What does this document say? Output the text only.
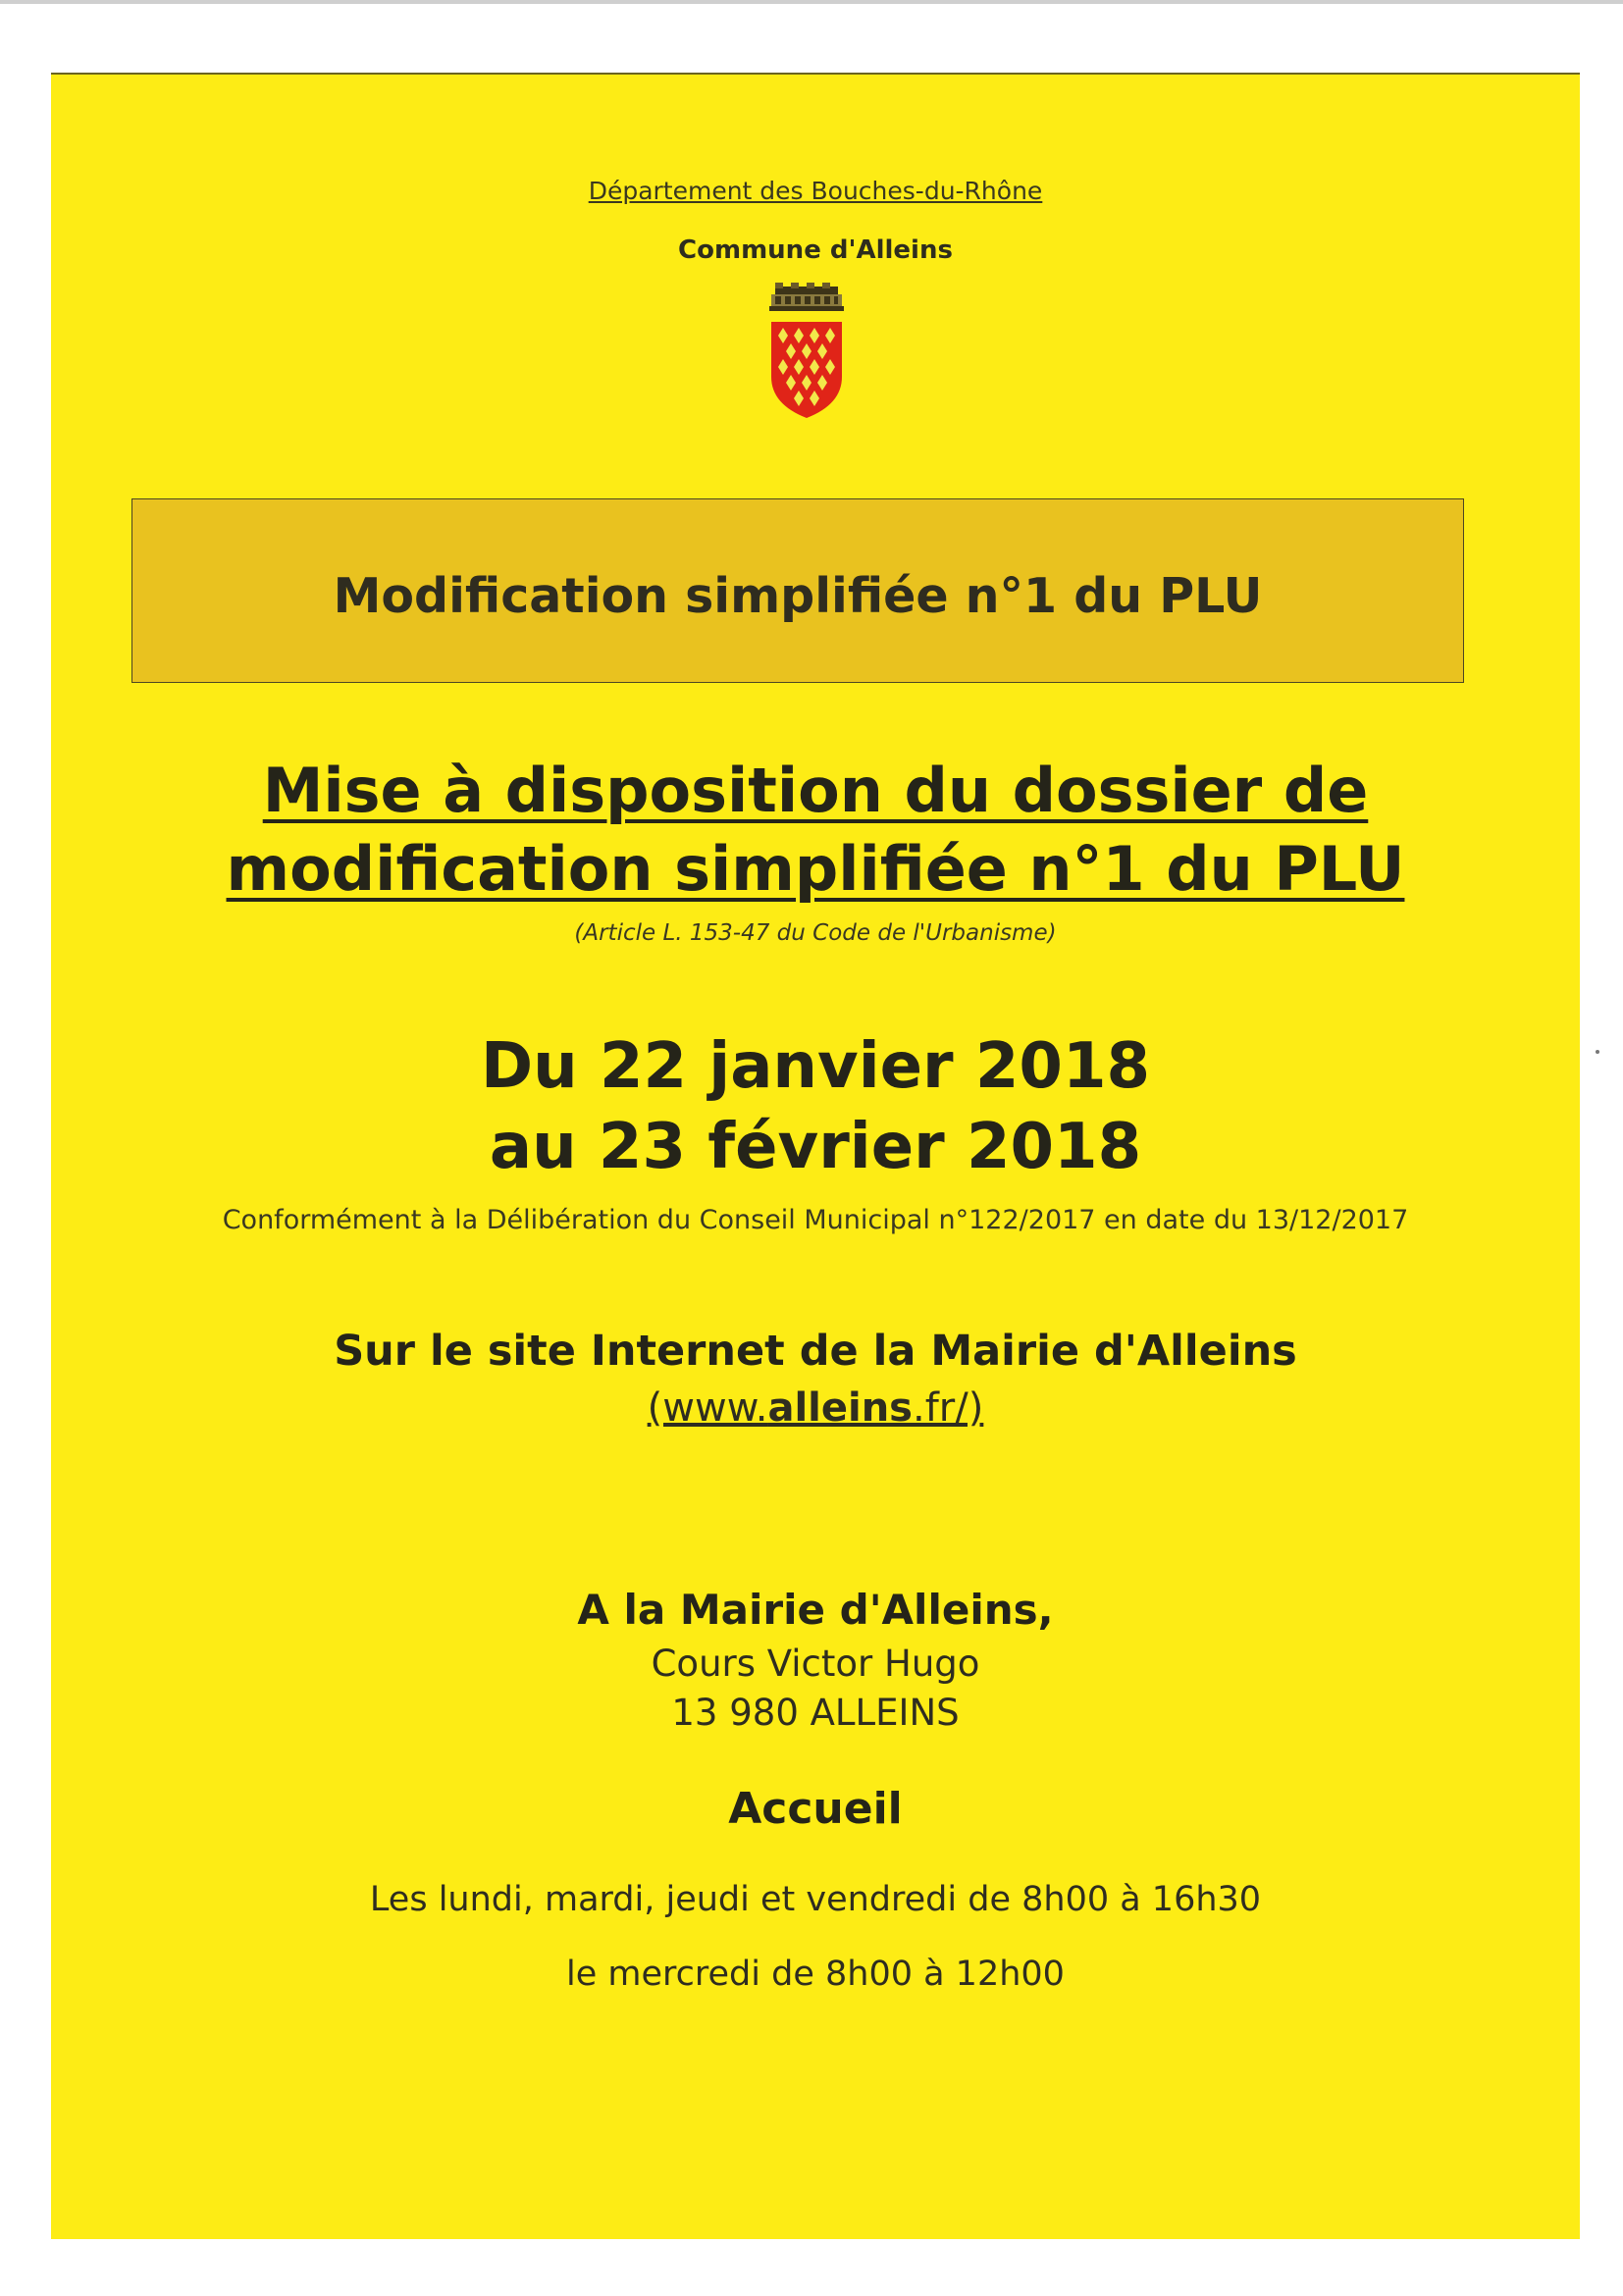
Département des Bouches-du-Rhône
Commune d'Alleins
Modification simplifiée n°1 du PLU
Mise à disposition du dossier de
modification simplifiée n°1 du PLU
(Article L. 153-47 du Code de l'Urbanisme)
Du 22 janvier 2018
au 23 février 2018
Conformément à la Délibération du Conseil Municipal n°122/2017 en date du 13/12/2017
Sur le site Internet de la Mairie d'Alleins
(www.alleins.fr/)
A la Mairie d'Alleins,
Cours Victor Hugo
13 980 ALLEINS
Accueil
Les lundi, mardi, jeudi et vendredi de 8h00 à 16h30
le mercredi de 8h00 à 12h00
